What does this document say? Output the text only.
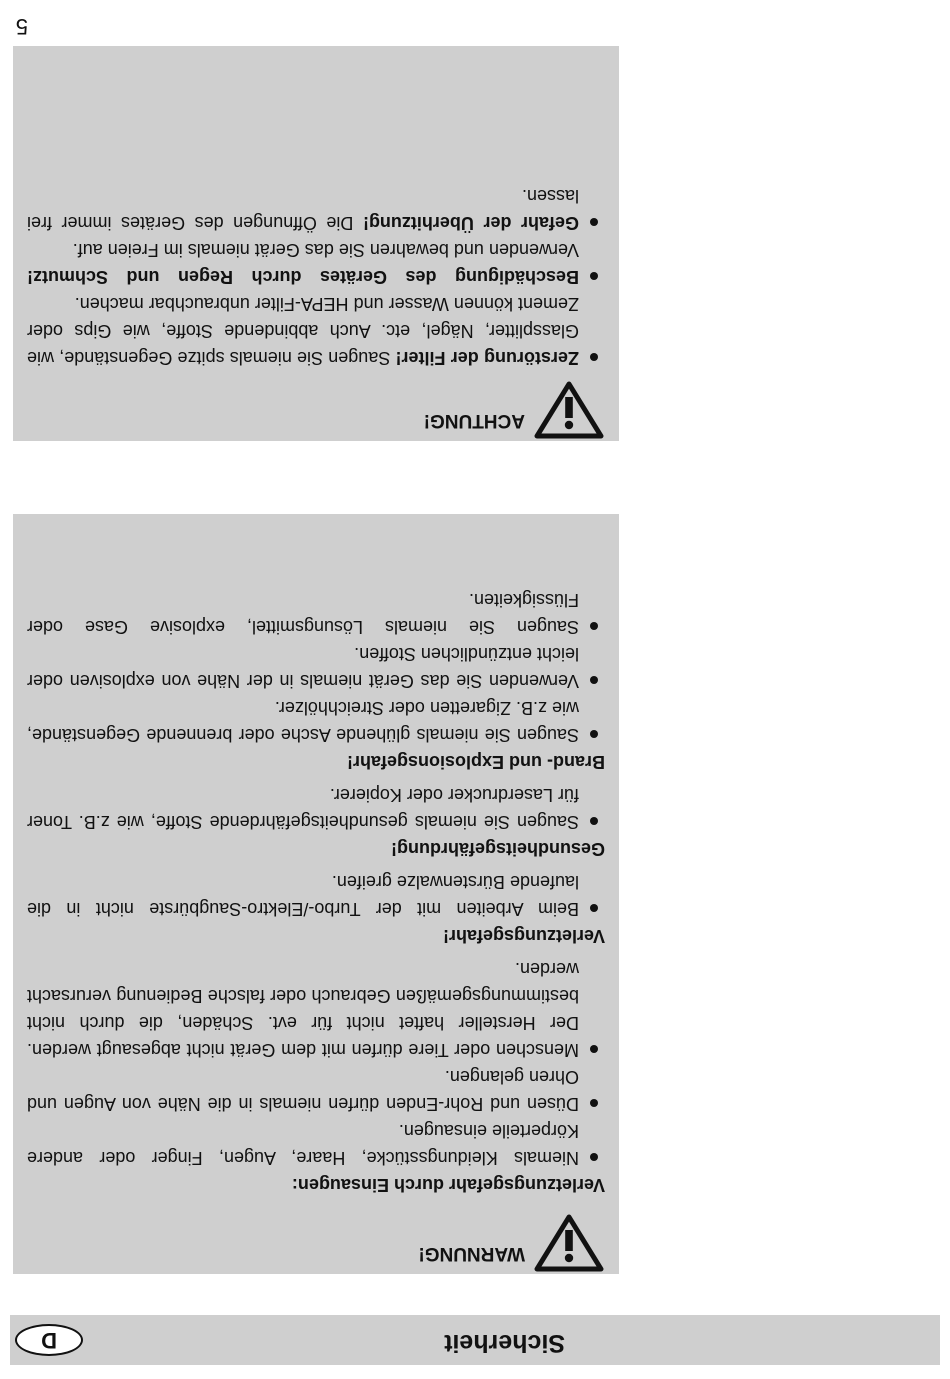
D	Sicherheit
WARNUNG!
Verletzungsgefahr durch Einsaugen:
Niemals Kleidungsstücke, Haare, Augen, Finger oder andere Körperteile einsaugen.
Düsen und Rohr-Enden dürfen niemals in die Nähe von Augen und Ohren gelangen.
Menschen oder Tiere dürfen mit dem Gerät nicht abgesaugt werden. Der Hersteller haftet nicht für evt. Schäden, die durch nicht bestimmungsgemäßen Gebrauch oder falsche Bedienung verursacht werden.
Verletzungsgefahr!
Beim Arbeiten mit der Turbo-/Elektro-Saugbürste nicht in die laufende Bürstenwalze greifen.
Gesundheitsgefährdung!
Saugen Sie niemals gesundheitsgefährdende Stoffe, wie z.B. Toner für Laserdrucker oder Kopierer.
Brand- und Explosionsgefahr!
Saugen Sie niemals glühende Asche oder brennende Gegenstände, wie z.B. Zigaretten oder Streichhölzer.
Verwenden Sie das Gerät niemals in der Nähe von explosiven oder leicht entzündlichen Stoffen.
Saugen Sie niemals Lösungsmittel, explosive Gase oder Flüssigkeiten.
ACHTUNG!
Zerstörung der Filter! Saugen Sie niemals spitze Gegenstände, wie Glassplitter, Nägel, etc. Auch abbindende Stoffe, wie Gips oder Zement können Wasser und HEPA-Filter unbrauchbar machen.
Beschädigung des Gerätes durch Regen und Schmutz! Verwenden und bewahren Sie das Gerät niemals im Freien auf.
Gefahr der Überhitzung! Die Öffnungen des Gerätes immer frei lassen.
5
